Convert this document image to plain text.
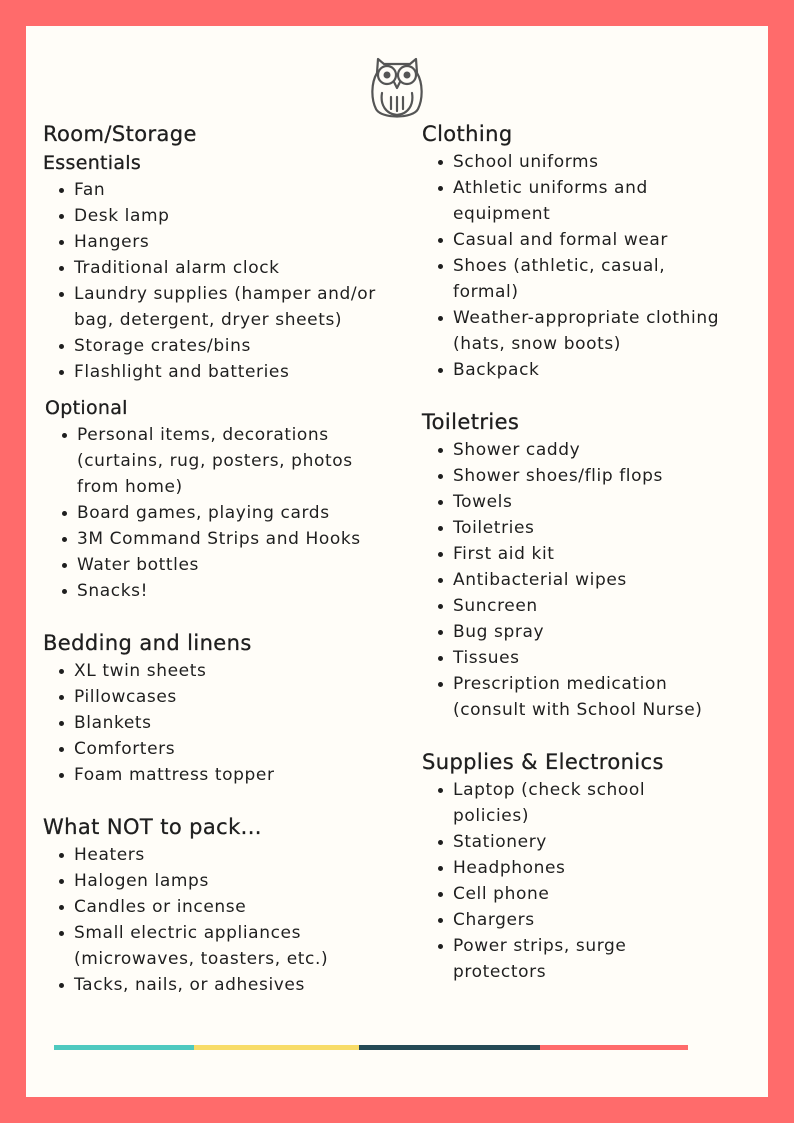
Room/Storage
Essentials
Fan
Desk lamp
Hangers
Traditional alarm clock
Laundry supplies (hamper and/or bag, detergent, dryer sheets)
Storage crates/bins
Flashlight and batteries
Optional
Personal items, decorations (curtains, rug, posters, photos from home)
Board games, playing cards
3M Command Strips and Hooks
Water bottles
Snacks!
Bedding and linens
XL twin sheets
Pillowcases
Blankets
Comforters
Foam mattress topper
What NOT to pack...
Heaters
Halogen lamps
Candles or incense
Small electric appliances (microwaves, toasters, etc.)
Tacks, nails, or adhesives
Clothing
School uniforms
Athletic uniforms and equipment
Casual and formal wear
Shoes (athletic, casual, formal)
Weather-appropriate clothing (hats, snow boots)
Backpack
Toiletries
Shower caddy
Shower shoes/flip flops
Towels
Toiletries
First aid kit
Antibacterial wipes
Suncreen
Bug spray
Tissues
Prescription medication (consult with School Nurse)
Supplies & Electronics
Laptop (check school policies)
Stationery
Headphones
Cell phone
Chargers
Power strips, surge protectors
